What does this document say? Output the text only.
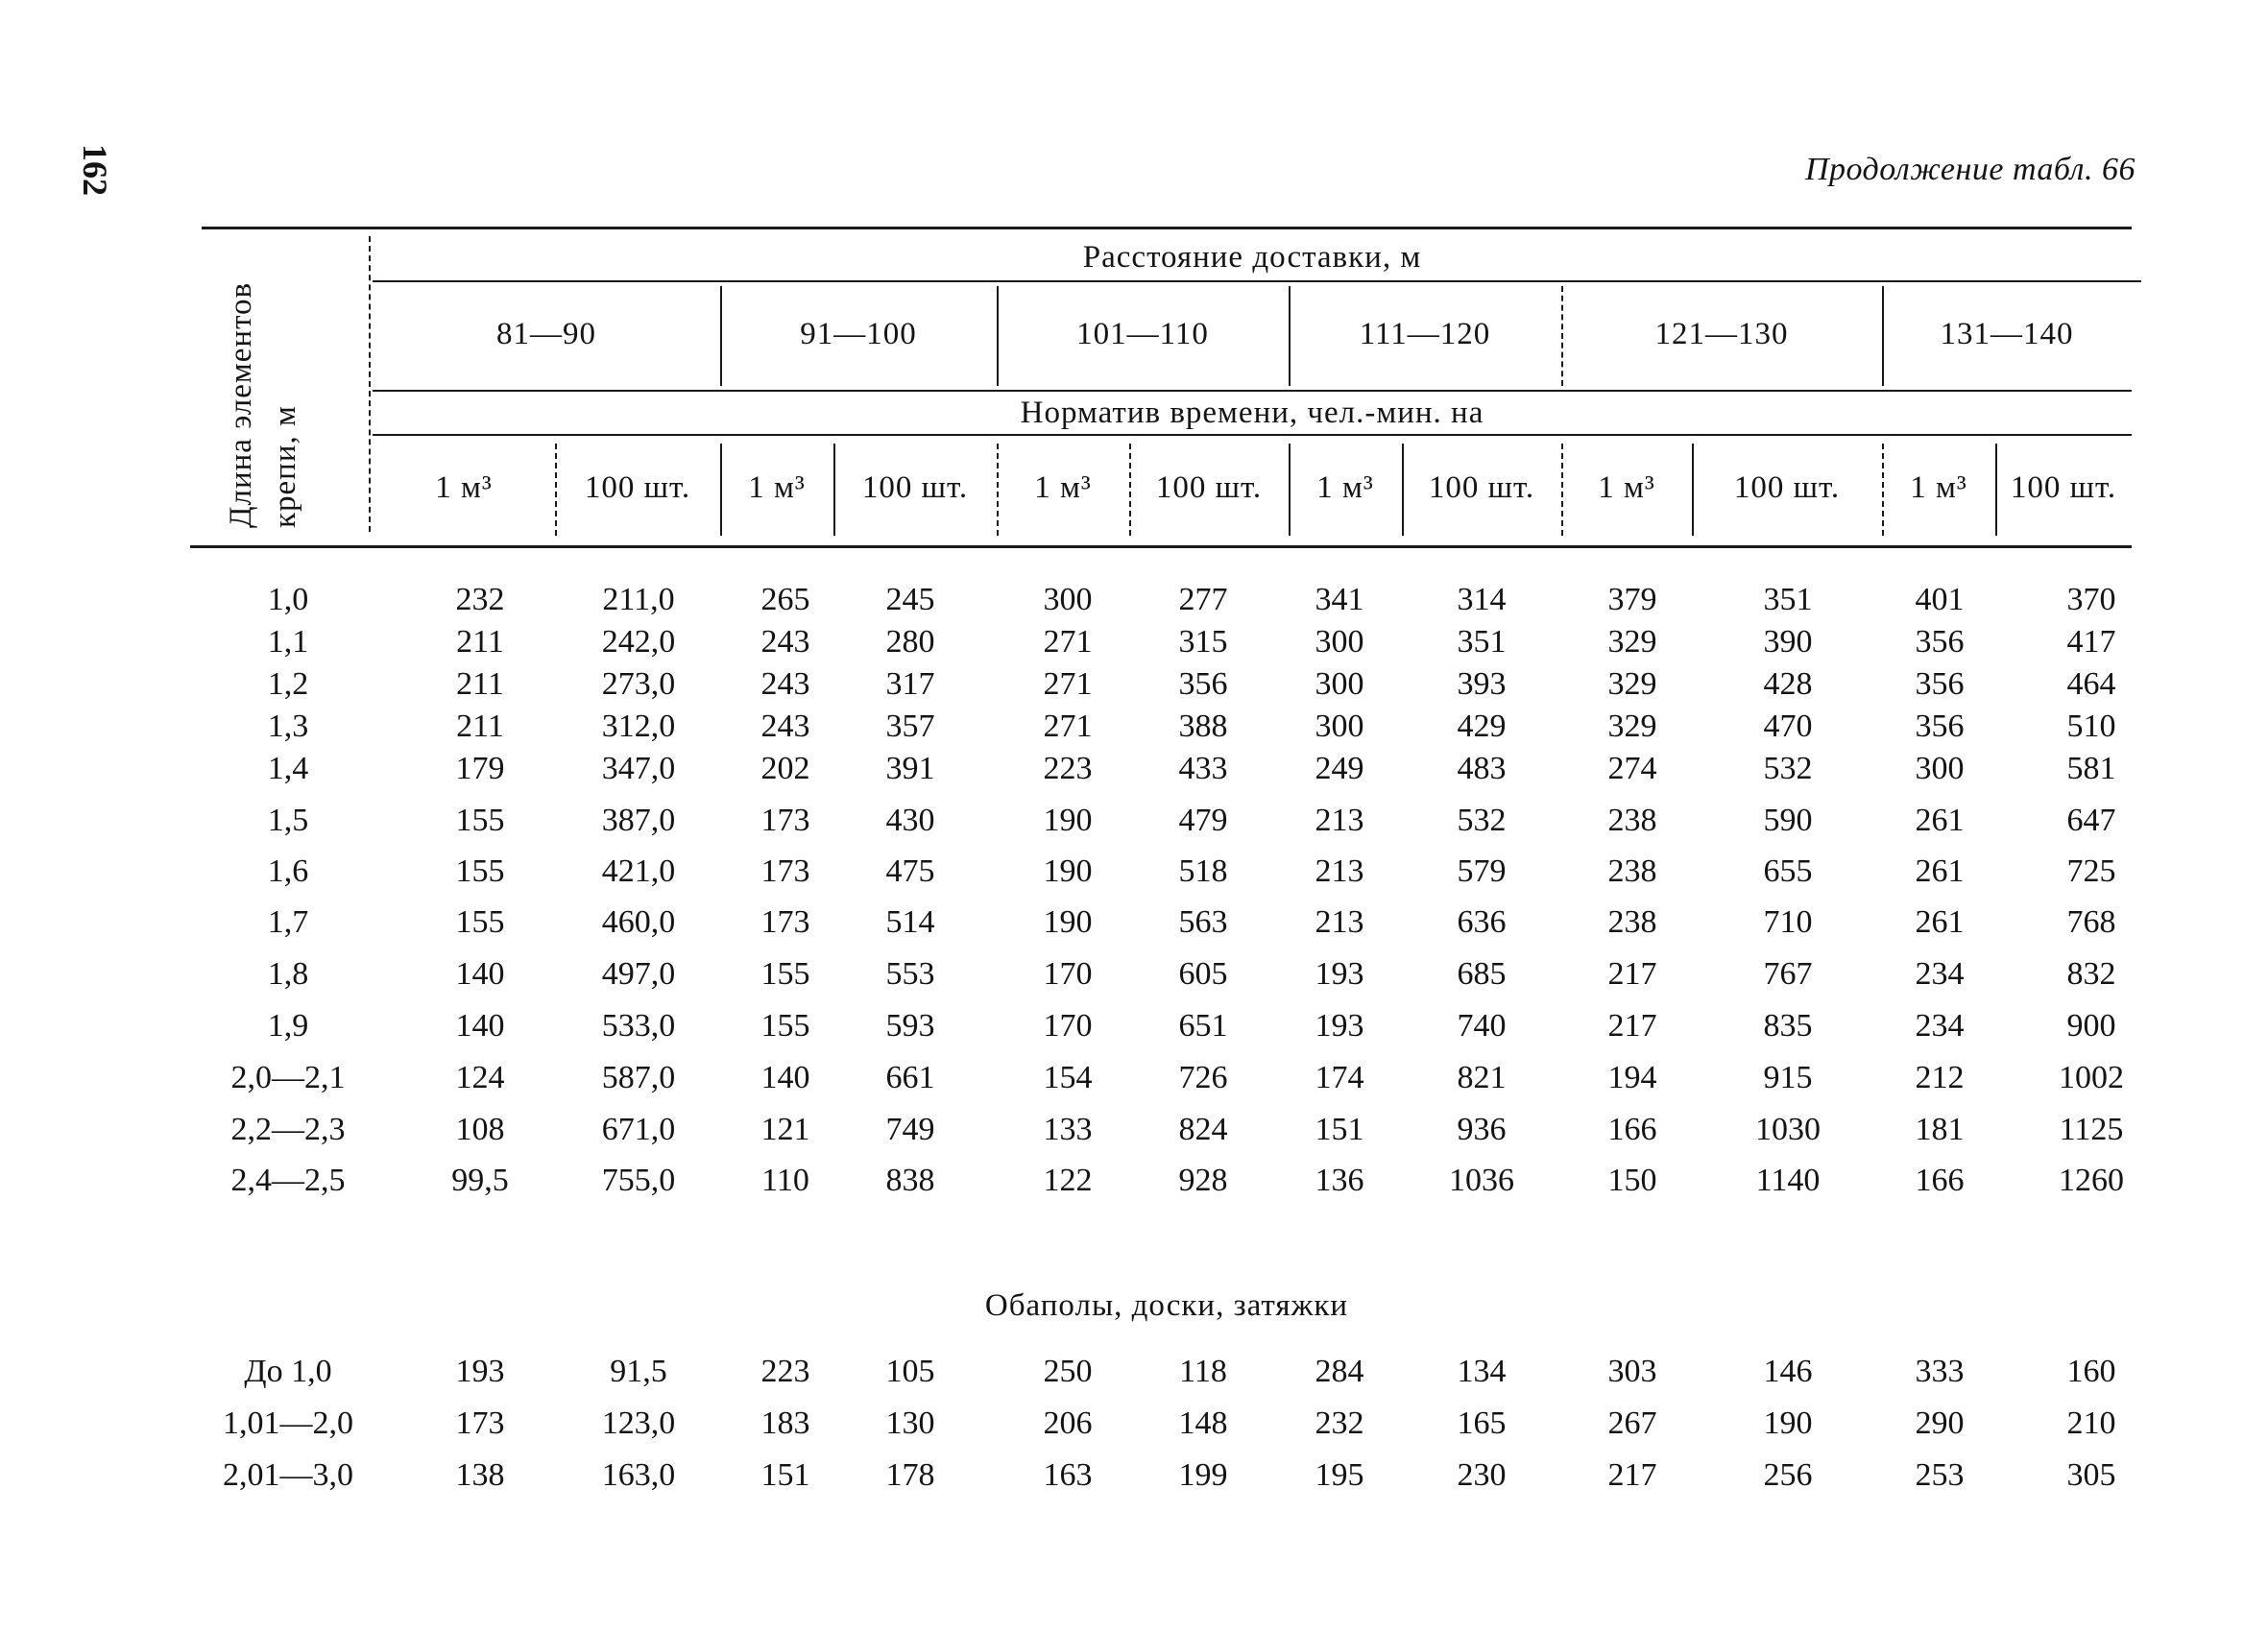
162	Продолжение табл. 66
Длина элементов крепи, м
Расстояние доставки, м
Норматив времени, чел.-мин. на
81—90	91—100	101—110	111—120	121—130	131—140
1 м³	100 шт.	1 м³	100 шт.	1 м³	100 шт.	1 м³	100 шт.	1 м³	100 шт.	1 м³	100 шт.
1,0	232	211,0	265	245	300	277	341	314	379	351	401	370
1,1	211	242,0	243	280	271	315	300	351	329	390	356	417
1,2	211	273,0	243	317	271	356	300	393	329	428	356	464
1,3	211	312,0	243	357	271	388	300	429	329	470	356	510
1,4	179	347,0	202	391	223	433	249	483	274	532	300	581
1,5	155	387,0	173	430	190	479	213	532	238	590	261	647
1,6	155	421,0	173	475	190	518	213	579	238	655	261	725
1,7	155	460,0	173	514	190	563	213	636	238	710	261	768
1,8	140	497,0	155	553	170	605	193	685	217	767	234	832
1,9	140	533,0	155	593	170	651	193	740	217	835	234	900
2,0—2,1	124	587,0	140	661	154	726	174	821	194	915	212	1002
2,2—2,3	108	671,0	121	749	133	824	151	936	166	1030	181	1125
2,4—2,5	99,5	755,0	110	838	122	928	136	1036	150	1140	166	1260
Обаполы, доски, затяжки
До 1,0	193	91,5	223	105	250	118	284	134	303	146	333	160
1,01—2,0	173	123,0	183	130	206	148	232	165	267	190	290	210
2,01—3,0	138	163,0	151	178	163	199	195	230	217	256	253	305
